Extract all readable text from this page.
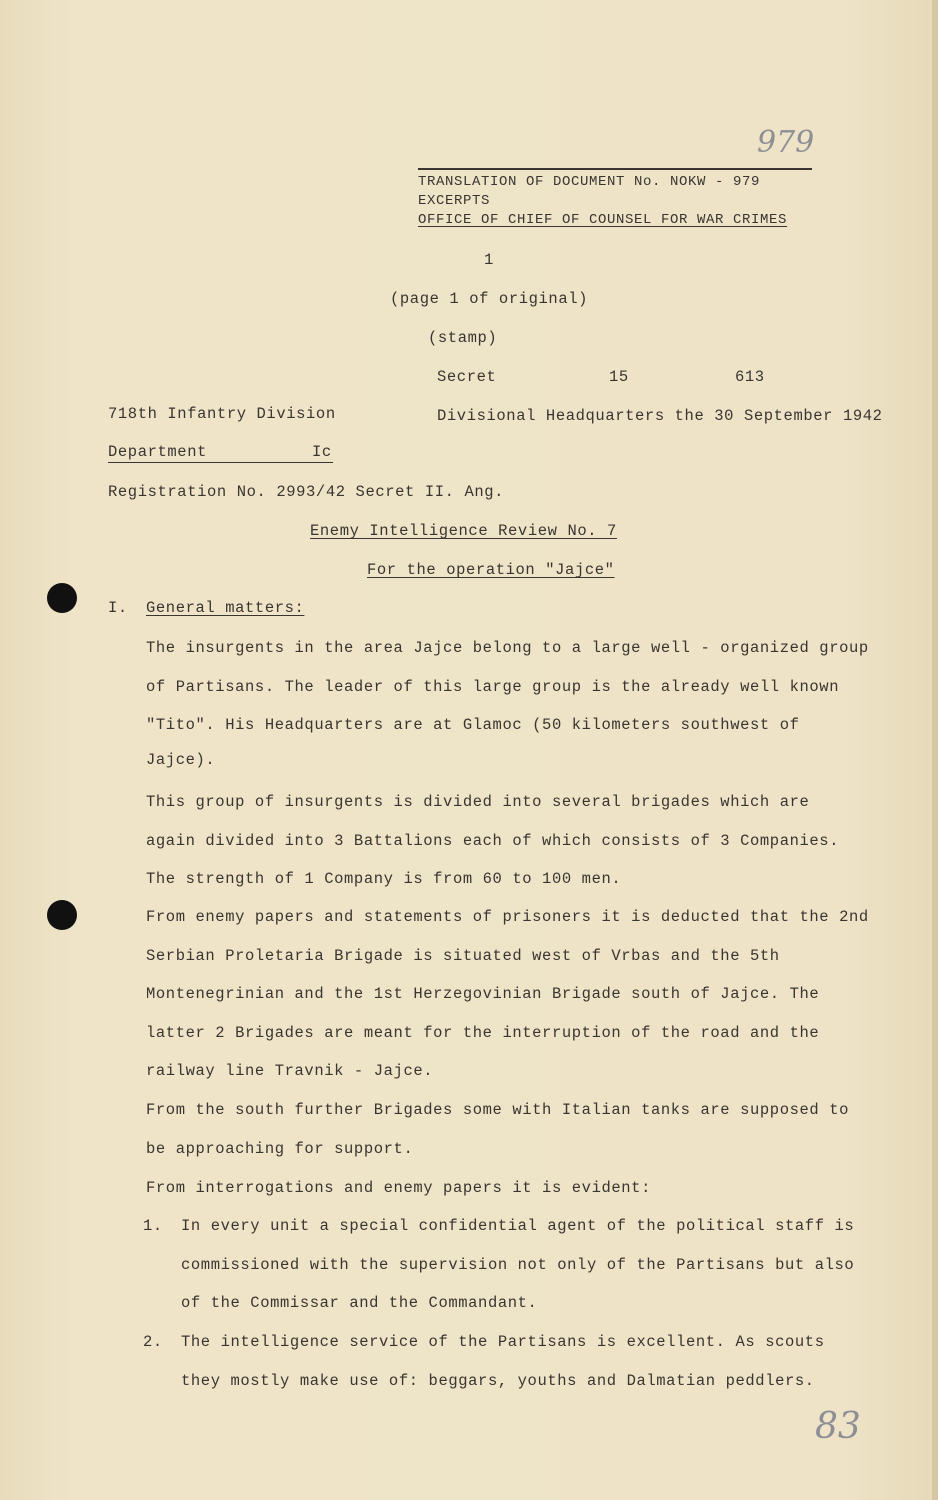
979
83
TRANSLATION OF DOCUMENT No. NOKW - 979
EXCERPTS
OFFICE OF CHIEF OF COUNSEL FOR WAR CRIMES
1
(page 1 of original)
(stamp)
Secret	15	613
718th Infantry Division	Divisional Headquarters the 30 September 1942
Department	Ic
Registration No. 2993/42 Secret II. Ang.
Enemy Intelligence Review No. 7
For the operation "Jajce"
I. General matters:
The insurgents in the area Jajce belong to a large well - organized group
of Partisans. The leader of this large group is the already well known
"Tito". His Headquarters are at Glamoc (50 kilometers southwest of
Jajce).
This group of insurgents is divided into several brigades which are
again divided into 3 Battalions each of which consists of 3 Companies.
The strength of 1 Company is from 60 to 100 men.
From enemy papers and statements of prisoners it is deducted that the 2nd
Serbian Proletaria Brigade is situated west of Vrbas and the 5th
Montenegrinian and the 1st Herzegovinian Brigade south of Jajce. The
latter 2 Brigades are meant for the interruption of the road and the
railway line Travnik - Jajce.
From the south further Brigades some with Italian tanks are supposed to
be approaching for support.
From interrogations and enemy papers it is evident:
1. In every unit a special confidential agent of the political staff is
commissioned with the supervision not only of the Partisans but also
of the Commissar and the Commandant.
2. The intelligence service of the Partisans is excellent. As scouts
they mostly make use of: beggars, youths and Dalmatian peddlers.
